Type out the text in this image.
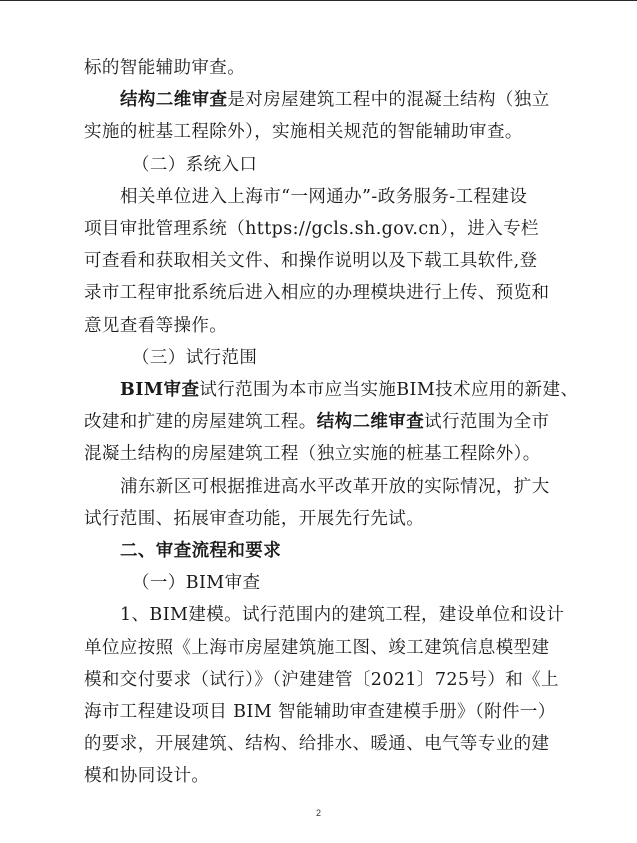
标的智能辅助审查。
结构二维审查是对房屋建筑工程中的混凝土结构（独立
实施的桩基工程除外），实施相关规范的智能辅助审查。
（二）系统入口
相关单位进入上海市“一网通办”-政务服务-工程建设
项目审批管理系统（https://gcls.sh.gov.cn），进入专栏
可查看和获取相关文件、和操作说明以及下载工具软件,登
录市工程审批系统后进入相应的办理模块进行上传、预览和
意见查看等操作。
（三）试行范围
BIM审查试行范围为本市应当实施BIM技术应用的新建、
改建和扩建的房屋建筑工程。结构二维审查试行范围为全市
混凝土结构的房屋建筑工程（独立实施的桩基工程除外）。
浦东新区可根据推进高水平改革开放的实际情况，扩大
试行范围、拓展审查功能，开展先行先试。
二、审查流程和要求
（一）BIM审查
1、BIM建模。试行范围内的建筑工程，建设单位和设计
单位应按照《上海市房屋建筑施工图、竣工建筑信息模型建
模和交付要求（试行）》（沪建建管〔2021〕725号）和《上
海市工程建设项目 BIM 智能辅助审查建模手册》（附件一）
的要求，开展建筑、结构、给排水、暖通、电气等专业的建
模和协同设计。
2
